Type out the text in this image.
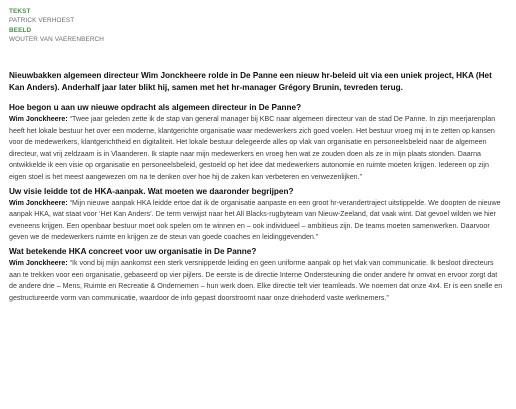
TEKST
PATRICK VERHOEST
BEELD
WOUTER VAN VAERENBERCH

Nieuwbakken algemeen directeur Wim Jonckheere rolde in De Panne een nieuw hr-beleid uit via een uniek project, HKA (Het Kan Anders). Anderhalf jaar later blikt hij, samen met het hr-manager Grégory Brunin, tevreden terug.

Hoe begon u aan uw nieuwe opdracht als algemeen directeur in De Panne?

Wim Jonckheere: “Twee jaar geleden zette ik de stap van general manager bij KBC naar algemeen directeur van de stad De Panne. In zijn meerjarenplan heeft het lokale bestuur het over een moderne, klantgerichte organisatie waar medewerkers zich goed voelen. Het bestuur vroeg mij in te zetten op kansen voor de medewerkers, klantgerichtheid en digitaliteit. Het lokale bestuur delegeerde alles op vlak van organisatie en personeelsbeleid naar de algemeen directeur, wat vrij zeldzaam is in Vlaanderen. Ik stapte naar mijn medewerkers en vroeg hen wat ze zouden doen als ze in mijn plaats stonden. Daarna ontwikkelde ik een visie op organisatie en personeelsbeleid, gestoeld op het idee dat medewerkers autonomie en ruimte moeten krijgen. Iedereen op zijn eigen stoel is het meest aangewezen om na te denken over hoe hij de zaken kan verbeteren en verwezenlijken.”

Uw visie leidde tot de HKA-aanpak. Wat moeten we daaronder begrijpen?

Wim Jonckheere: “Mijn nieuwe aanpak HKA leidde ertoe dat ik de organisatie aanpaste en een groot hr-verandertraject uitstippelde. We doopten de nieuwe aanpak HKA, wat staat voor ‘Het Kan Anders’. De term verwijst naar het All Blacks-rugbyteam van Nieuw-Zeeland, dat vaak wint. Dat gevoel wilden we hier eveneens krijgen. Een openbaar bestuur moet ook spelen om te winnen en – ook individueel – ambitieus zijn. De teams moeten samenwerken. Daarvoor geven we de medewerkers ruimte en krijgen ze de steun van goede coaches en leidinggevenden.”

Wat betekende HKA concreet voor uw organisatie in De Panne?

Wim Jonckheere: “Ik vond bij mijn aankomst een sterk versnipperde leiding en geen uniforme aanpak op het vlak van communicatie. Ik besloot directeurs aan te trekken voor een organisatie, gebaseerd op vier pijlers. De eerste is de directie Interne Ondersteuning die onder andere hr omvat en ervoor zorgt dat de andere drie – Mens, Ruimte en Recreatie & Ondernemen – hun werk doen. Elke directie telt vier teamleads. We noemen dat onze 4x4. Er is een snelle en gestructureerde vorm van communicatie, waardoor de info gepast doorstroomt naar onze driehoderd vaste werknemers.”
